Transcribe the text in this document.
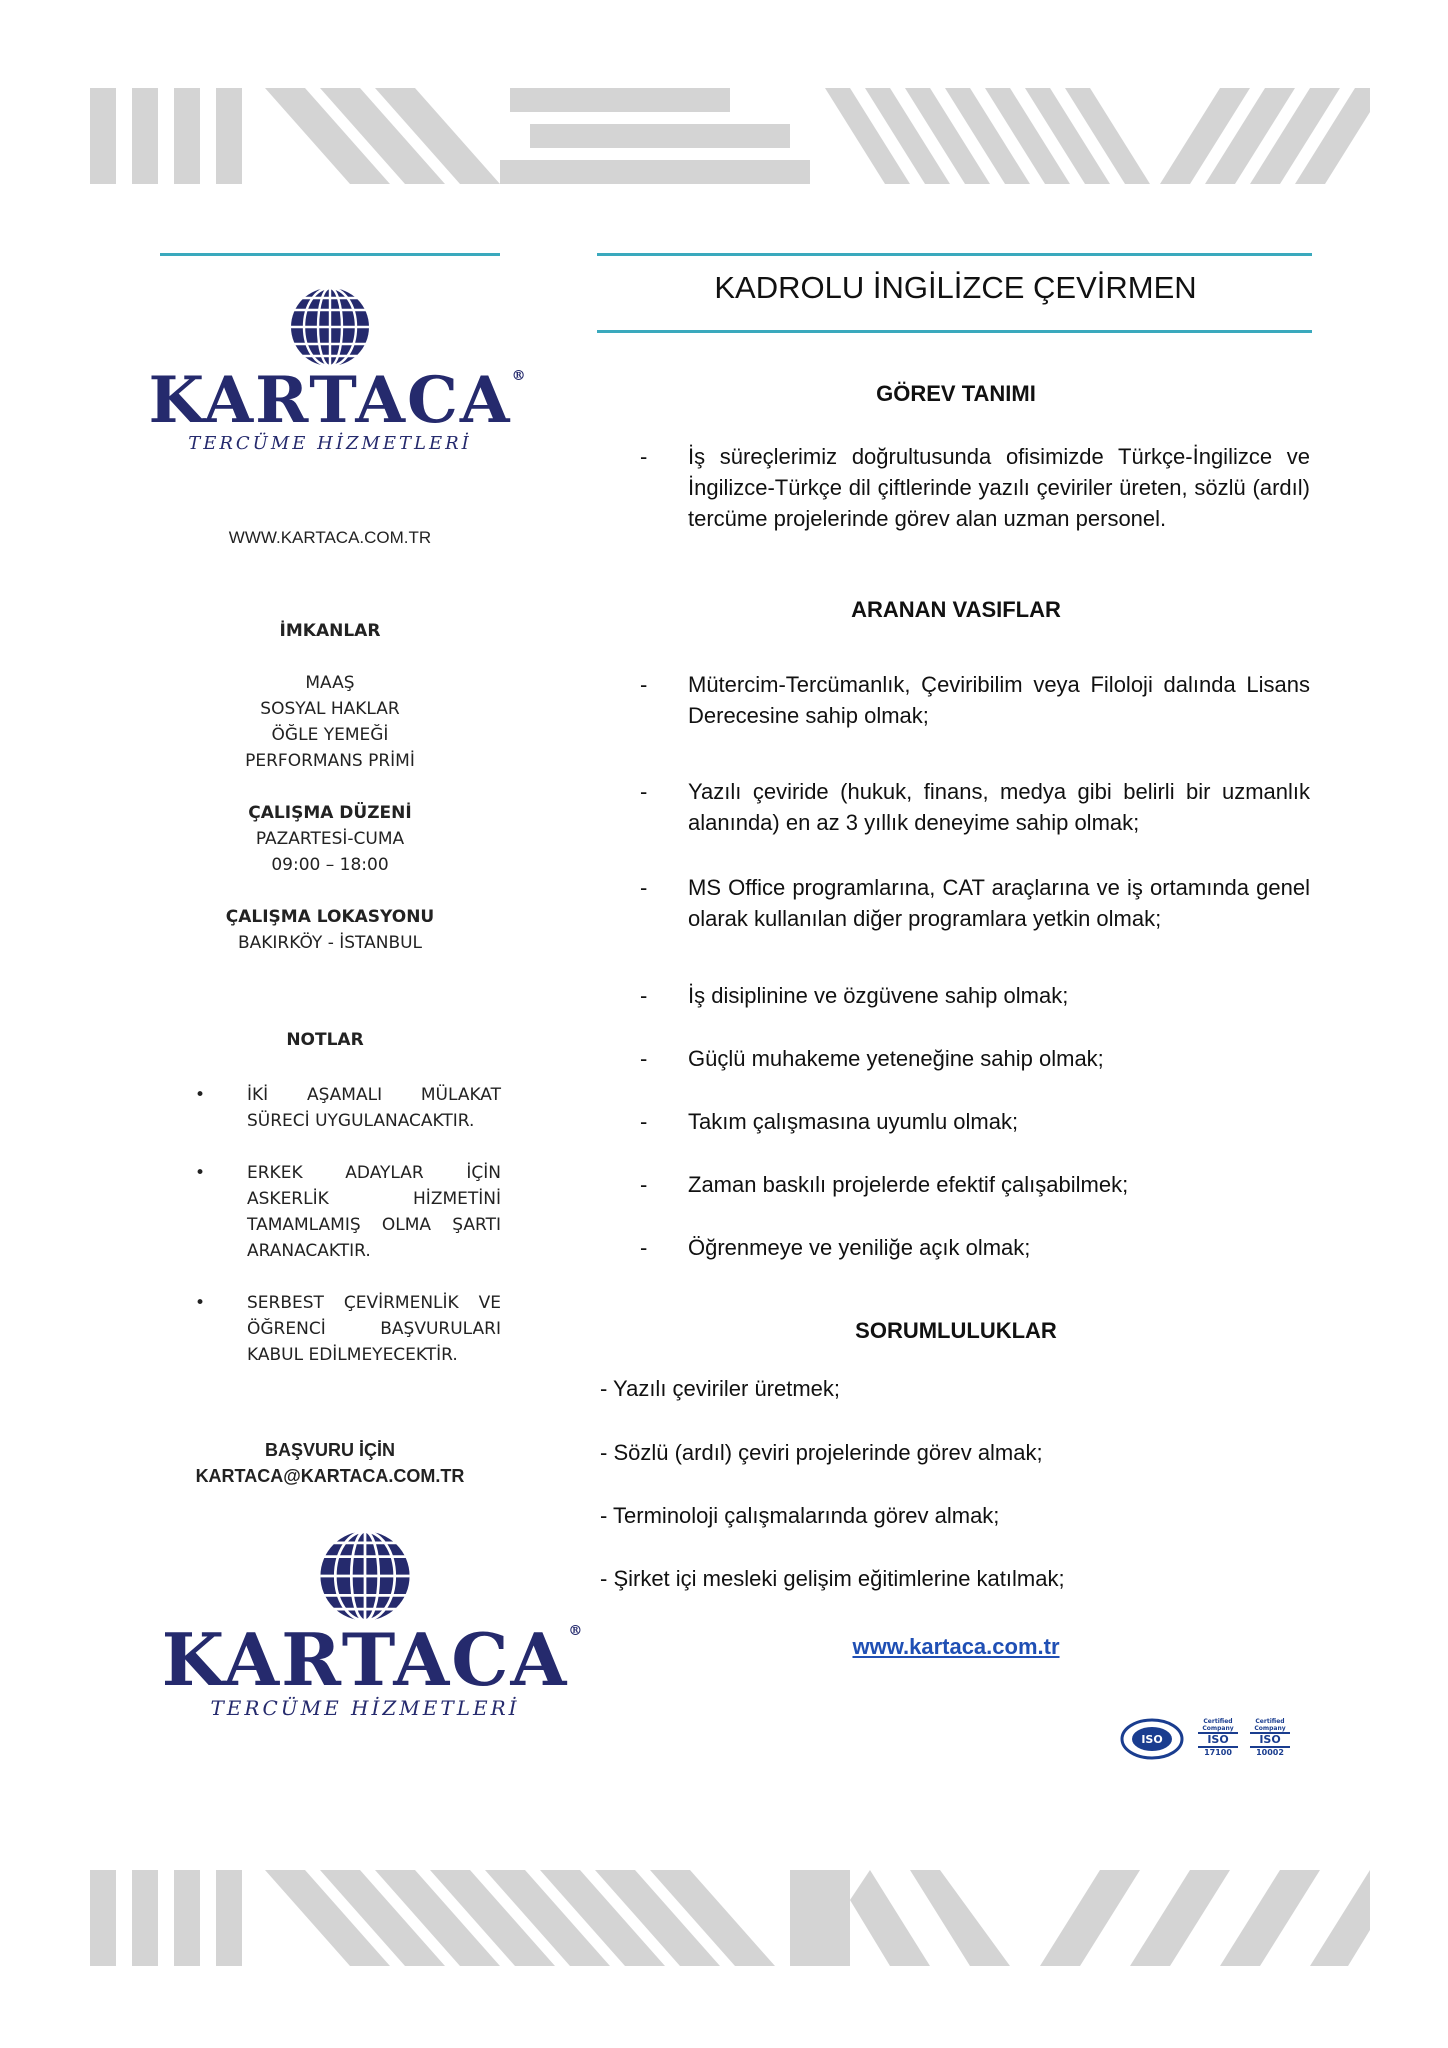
KARTACA ®
TERCÜME HİZMETLERİ
WWW.KARTACA.COM.TR
İMKANLAR
MAAŞ
SOSYAL HAKLAR
ÖĞLE YEMEĞİ
PERFORMANS PRİMİ
ÇALIŞMA DÜZENİ
PAZARTESİ-CUMA
09:00 – 18:00
ÇALIŞMA LOKASYONU
BAKIRKÖY - İSTANBUL
NOTLAR
• İKİ AŞAMALI MÜLAKAT SÜRECİ UYGULANACAKTIR.
• ERKEK ADAYLAR İÇİN ASKERLİK HİZMETİNİ TAMAMLAMIŞ OLMA ŞARTI ARANACAKTIR.
• SERBEST ÇEVİRMENLİK VE ÖĞRENCİ BAŞVURULARI KABUL EDİLMEYECEKTİR.
BAŞVURU İÇİN
KARTACA@KARTACA.COM.TR
KARTACA ®
TERCÜME HİZMETLERİ
KADROLU İNGİLİZCE ÇEVİRMEN
GÖREV TANIMI
- İş süreçlerimiz doğrultusunda ofisimizde Türkçe-İngilizce ve İngilizce-Türkçe dil çiftlerinde yazılı çeviriler üreten, sözlü (ardıl) tercüme projelerinde görev alan uzman personel.
ARANAN VASIFLAR
- Mütercim-Tercümanlık, Çeviribilim veya Filoloji dalında Lisans Derecesine sahip olmak;
- Yazılı çeviride (hukuk, finans, medya gibi belirli bir uzmanlık alanında) en az 3 yıllık deneyime sahip olmak;
- MS Office programlarına, CAT araçlarına ve iş ortamında genel olarak kullanılan diğer programlara yetkin olmak;
- İş disiplinine ve özgüvene sahip olmak;
- Güçlü muhakeme yeteneğine sahip olmak;
- Takım çalışmasına uyumlu olmak;
- Zaman baskılı projelerde efektif çalışabilmek;
- Öğrenmeye ve yeniliğe açık olmak;
SORUMLULUKLAR
- Yazılı çeviriler üretmek;
- Sözlü (ardıl) çeviri projelerinde görev almak;
- Terminoloji çalışmalarında görev almak;
- Şirket içi mesleki gelişim eğitimlerine katılmak;
www.kartaca.com.tr
ISO
Certified Company
ISO
17100
Certified Company
ISO
10002
